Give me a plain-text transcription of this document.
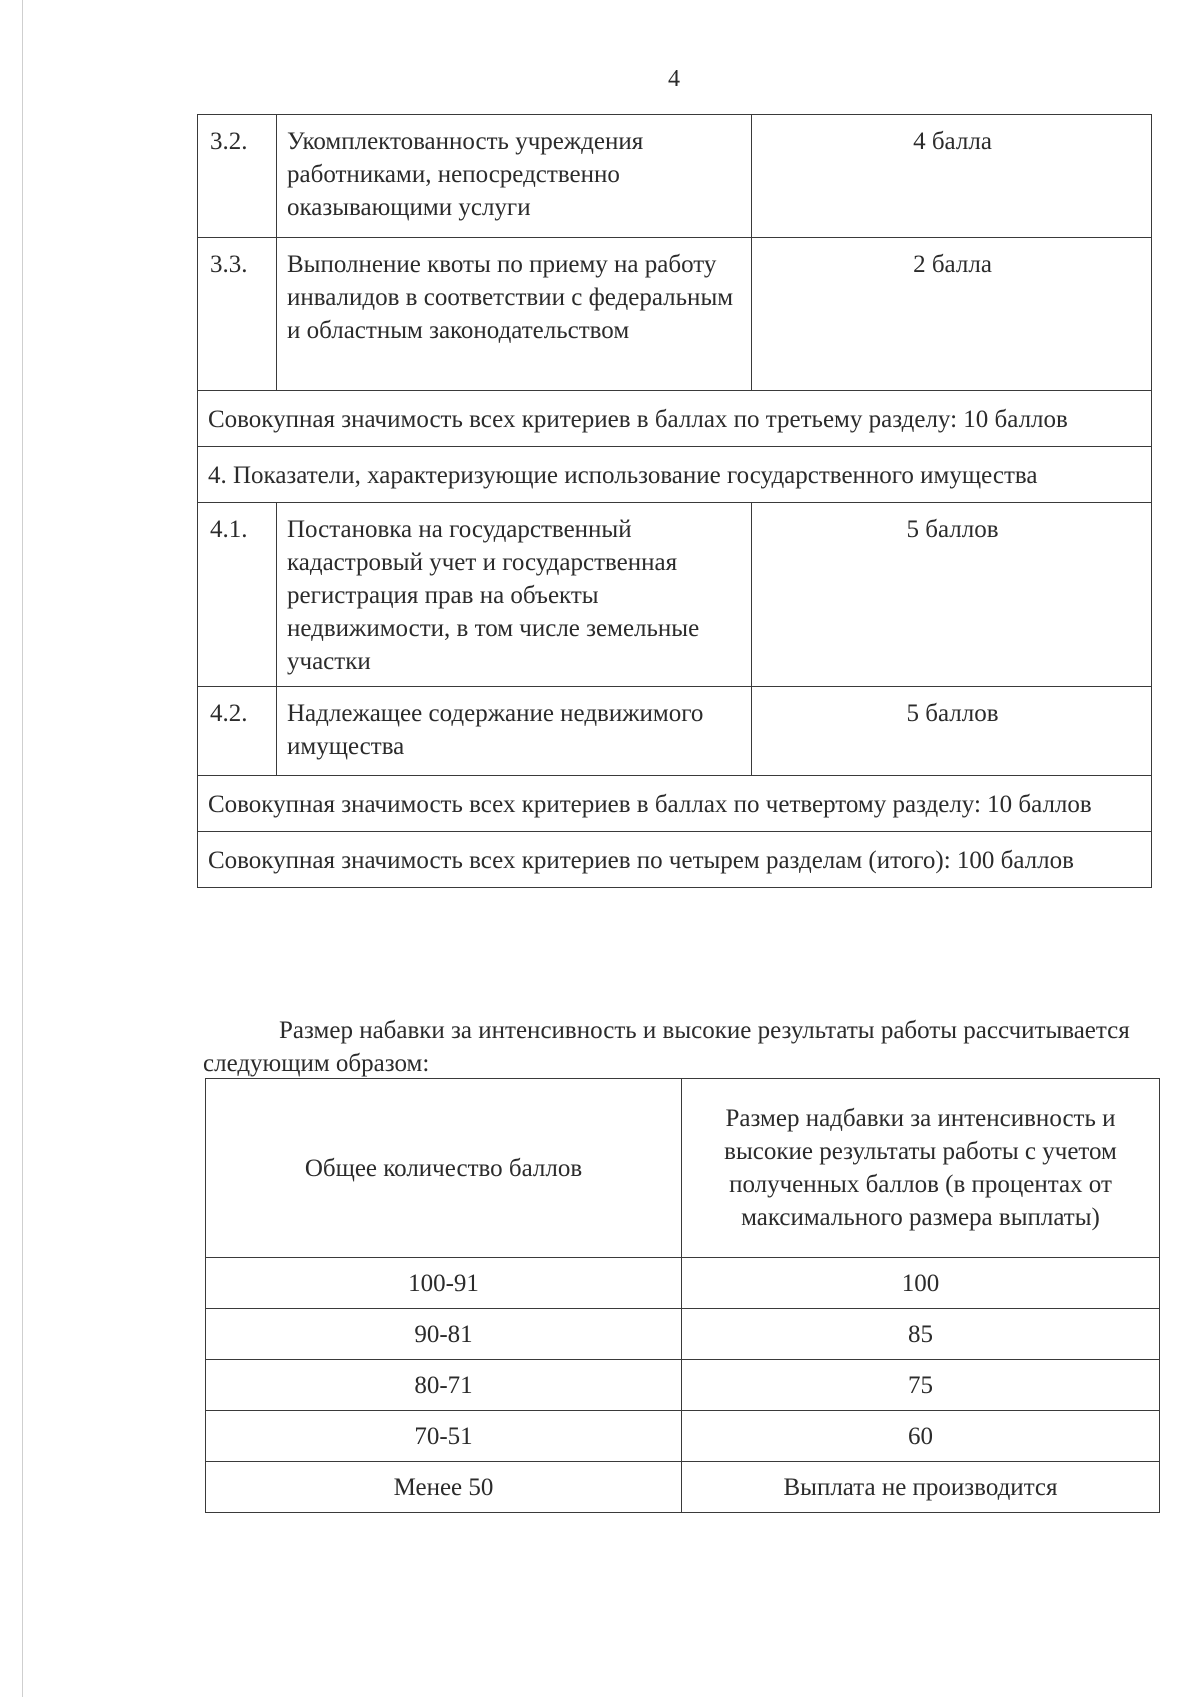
4
3.2.	Укомплектованность учреждения работниками, непосредственно оказывающими услуги	4 балла
3.3.	Выполнение квоты по приему на работу инвалидов в соответствии с федеральным и областным законодательством	2 балла
Совокупная значимость всех критериев в баллах по третьему разделу: 10 баллов		
4. Показатели, характеризующие использование государственного имущества		
4.1.	Постановка на государственный кадастровый учет и государственная регистрация прав на объекты недвижимости, в том числе земельные участки	5 баллов
4.2.	Надлежащее содержание недвижимого имущества	5 баллов
Совокупная значимость всех критериев в баллах по четвертому разделу: 10 баллов		
Совокупная значимость всех критериев по четырем разделам (итого): 100 баллов		

Размер набавки за интенсивность и высокие результаты работы рассчитывается следующим образом:

Общее количество баллов	Размер надбавки за интенсивность и высокие результаты работы с учетом полученных баллов (в процентах от максимального размера выплаты)
100-91	100
90-81	85
80-71	75
70-51	60
Менее 50	Выплата не производится
